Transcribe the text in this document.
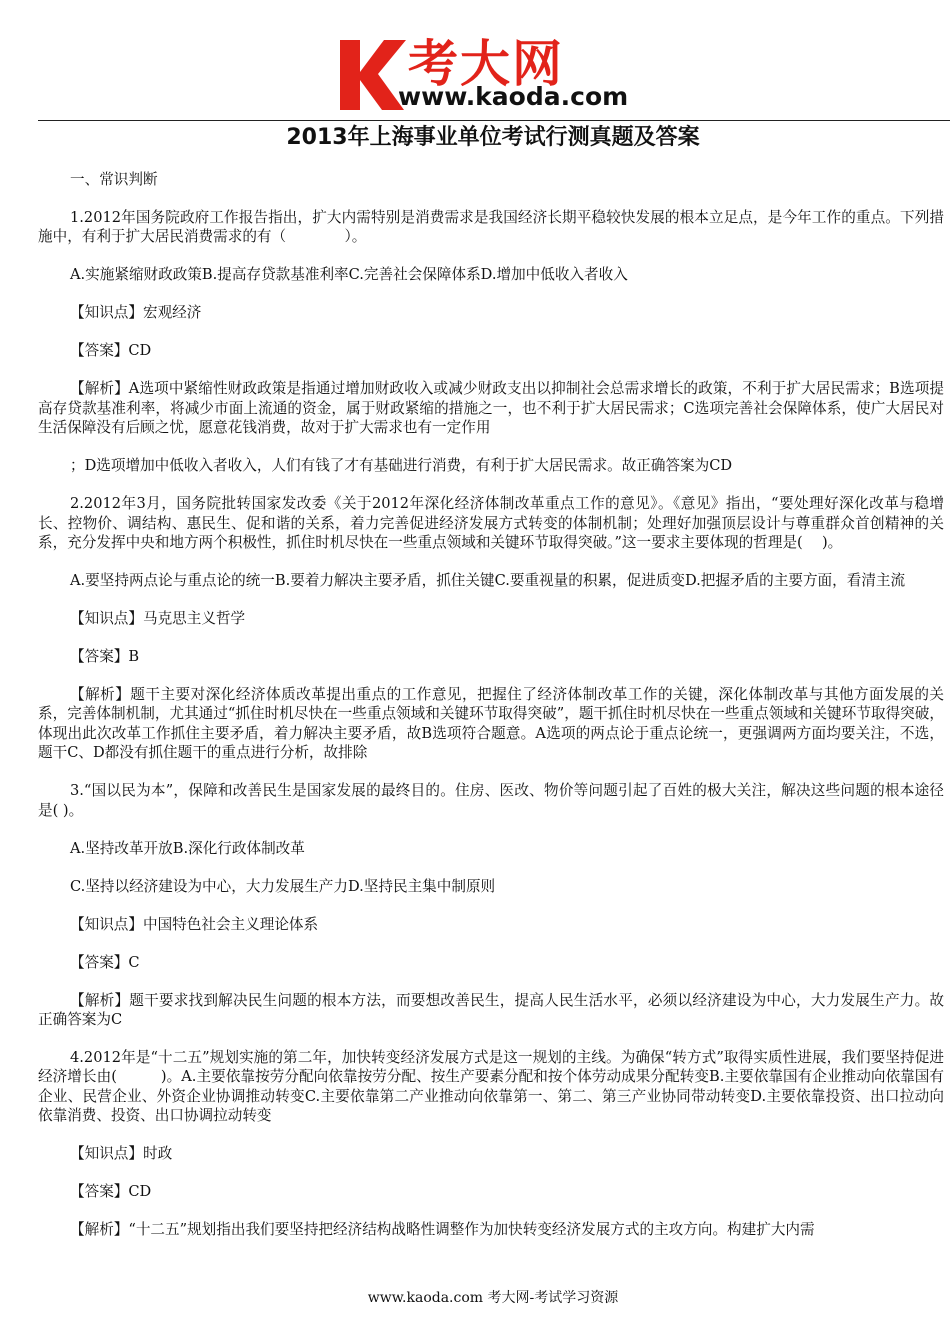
考大网
www.kaoda.com
2013年上海事业单位考试行测真题及答案

一、常识判断

1.2012年国务院政府工作报告指出，扩大内需特别是消费需求是我国经济长期平稳较快发展的根本立足点，是今年工作的重点。下列措施中，有利于扩大居民消费需求的有（　　　　）。

A.实施紧缩财政政策B.提高存贷款基准利率C.完善社会保障体系D.增加中低收入者收入

【知识点】宏观经济

【答案】CD

【解析】A选项中紧缩性财政政策是指通过增加财政收入或减少财政支出以抑制社会总需求增长的政策，不利于扩大居民需求；B选项提高存贷款基准利率，将减少市面上流通的资金，属于财政紧缩的措施之一，也不利于扩大居民需求；C选项完善社会保障体系，使广大居民对生活保障没有后顾之忧，愿意花钱消费，故对于扩大需求也有一定作用

；D选项增加中低收入者收入，人们有钱了才有基础进行消费，有利于扩大居民需求。故正确答案为CD

2.2012年3月，国务院批转国家发改委《关于2012年深化经济体制改革重点工作的意见》。《意见》指出，“要处理好深化改革与稳增长、控物价、调结构、惠民生、促和谐的关系，着力完善促进经济发展方式转变的体制机制；处理好加强顶层设计与尊重群众首创精神的关系，充分发挥中央和地方两个积极性，抓住时机尽快在一些重点领域和关键环节取得突破。”这一要求主要体现的哲理是(　 )。

A.要坚持两点论与重点论的统一B.要着力解决主要矛盾，抓住关键C.要重视量的积累，促进质变D.把握矛盾的主要方面，看清主流

【知识点】马克思主义哲学

【答案】B

【解析】题干主要对深化经济体质改革提出重点的工作意见，把握住了经济体制改革工作的关键，深化体制改革与其他方面发展的关系，完善体制机制，尤其通过“抓住时机尽快在一些重点领域和关键环节取得突破”，题干抓住时机尽快在一些重点领域和关键环节取得突破，体现出此次改革工作抓住主要矛盾，着力解决主要矛盾，故B选项符合题意。A选项的两点论于重点论统一，更强调两方面均要关注，不选，题干C、D都没有抓住题干的重点进行分析，故排除

3.“国以民为本”，保障和改善民生是国家发展的最终目的。住房、医改、物价等问题引起了百姓的极大关注，解决这些问题的根本途径是( )。

A.坚持改革开放B.深化行政体制改革

C.坚持以经济建设为中心，大力发展生产力D.坚持民主集中制原则

【知识点】中国特色社会主义理论体系

【答案】C

【解析】题干要求找到解决民生问题的根本方法，而要想改善民生，提高人民生活水平，必须以经济建设为中心，大力发展生产力。故正确答案为C

4.2012年是“十二五”规划实施的第二年，加快转变经济发展方式是这一规划的主线。为确保“转方式”取得实质性进展，我们要坚持促进经济增长由(　　　)。A.主要依靠按劳分配向依靠按劳分配、按生产要素分配和按个体劳动成果分配转变B.主要依靠国有企业推动向依靠国有企业、民营企业、外资企业协调推动转变C.主要依靠第二产业推动向依靠第一、第二、第三产业协同带动转变D.主要依靠投资、出口拉动向依靠消费、投资、出口协调拉动转变

【知识点】时政

【答案】CD

【解析】“十二五”规划指出我们要坚持把经济结构战略性调整作为加快转变经济发展方式的主攻方向。构建扩大内需

www.kaoda.com 考大网-考试学习资源
